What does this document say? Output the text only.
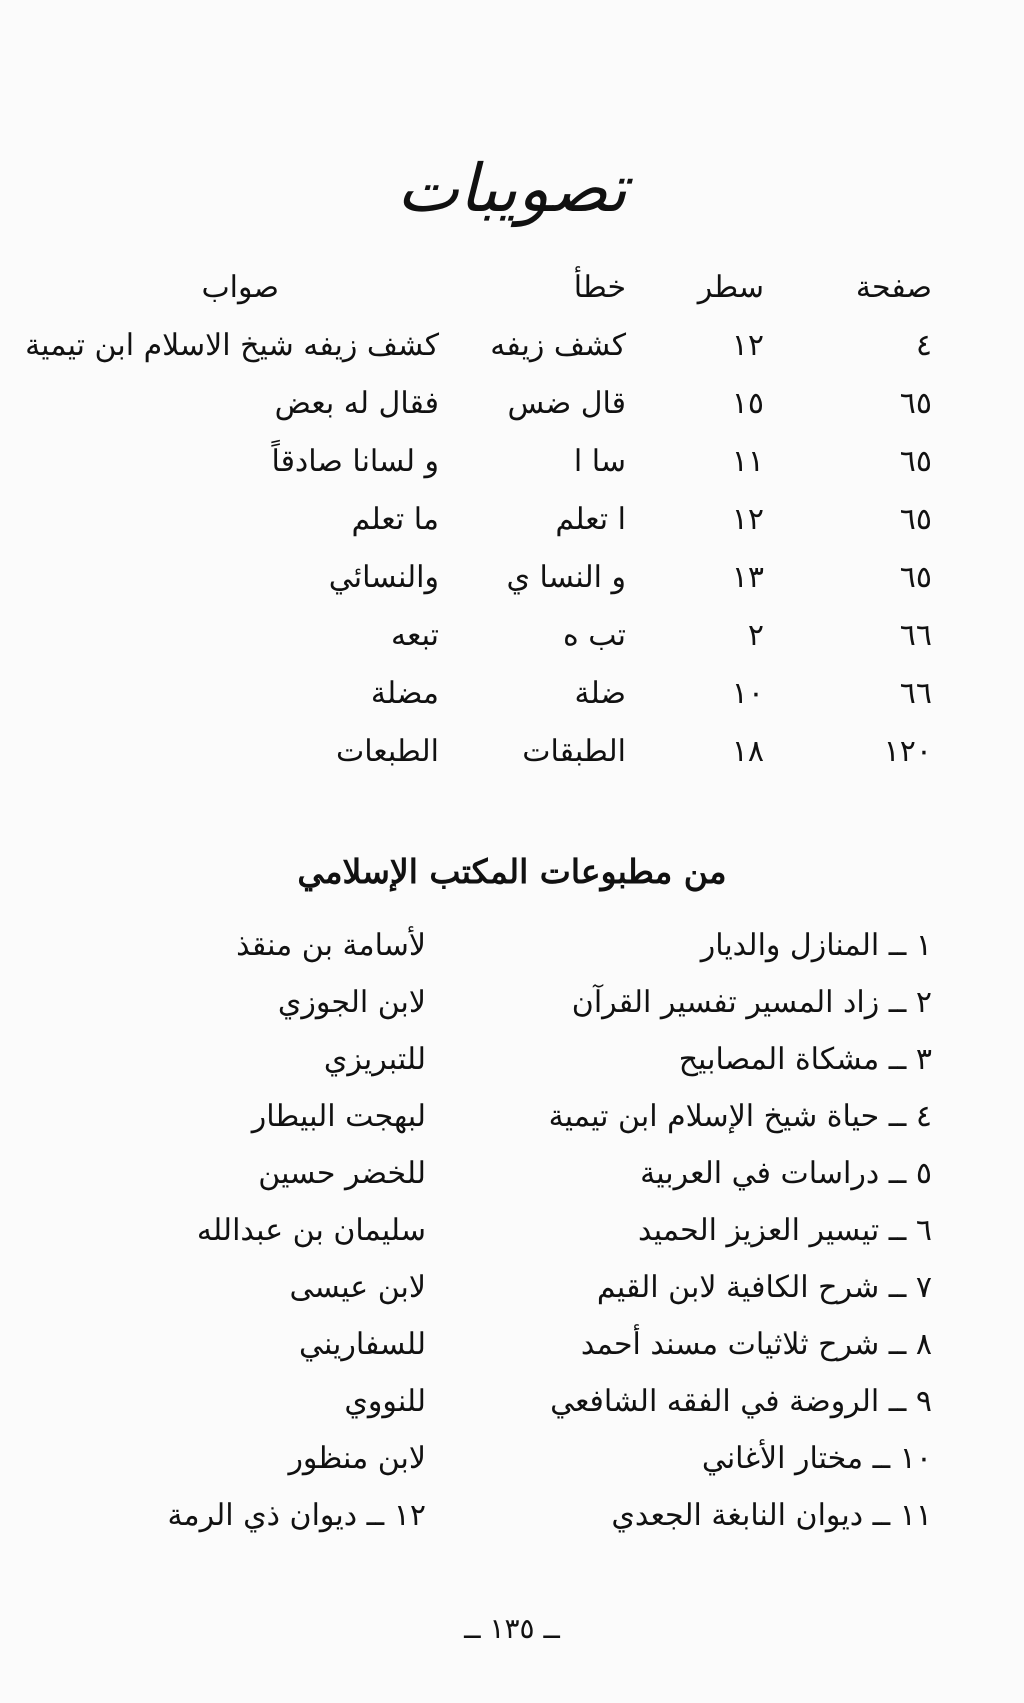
تصويبات
صفحة
سطر
خطأ
صواب
٤
١٢
كشف زيفه
كشف زيفه شيخ الاسلام ابن تيمية
٦٥
١٥
قال ضس
فقال له بعض
٦٥
١١
سا ا
و لسانا صادقاً
٦٥
١٢
ا تعلم
ما تعلم
٦٥
١٣
و النسا ي
والنسائي
٦٦
٢
تب ه
تبعه
٦٦
١٠
ضلة
مضلة
١٢٠
١٨
الطبقات
الطبعات
من مطبوعات المكتب الإسلامي
١ ــ المنازل والديار
لأسامة بن منقذ
٢ ــ زاد المسير تفسير القرآن
لابن الجوزي
٣ ــ مشكاة المصابيح
للتبريزي
٤ ــ حياة شيخ الإسلام ابن تيمية
لبهجت البيطار
٥ ــ دراسات في العربية
للخضر حسين
٦ ــ تيسير العزيز الحميد
سليمان بن عبدالله
٧ ــ شرح الكافية لابن القيم
لابن عيسى
٨ ــ شرح ثلاثيات مسند أحمد
للسفاريني
٩ ــ الروضة في الفقه الشافعي
للنووي
١٠ ــ مختار الأغاني
لابن منظور
١١ ــ ديوان النابغة الجعدي
١٢ ــ ديوان ذي الرمة
ــ ١٣٥ ــ
